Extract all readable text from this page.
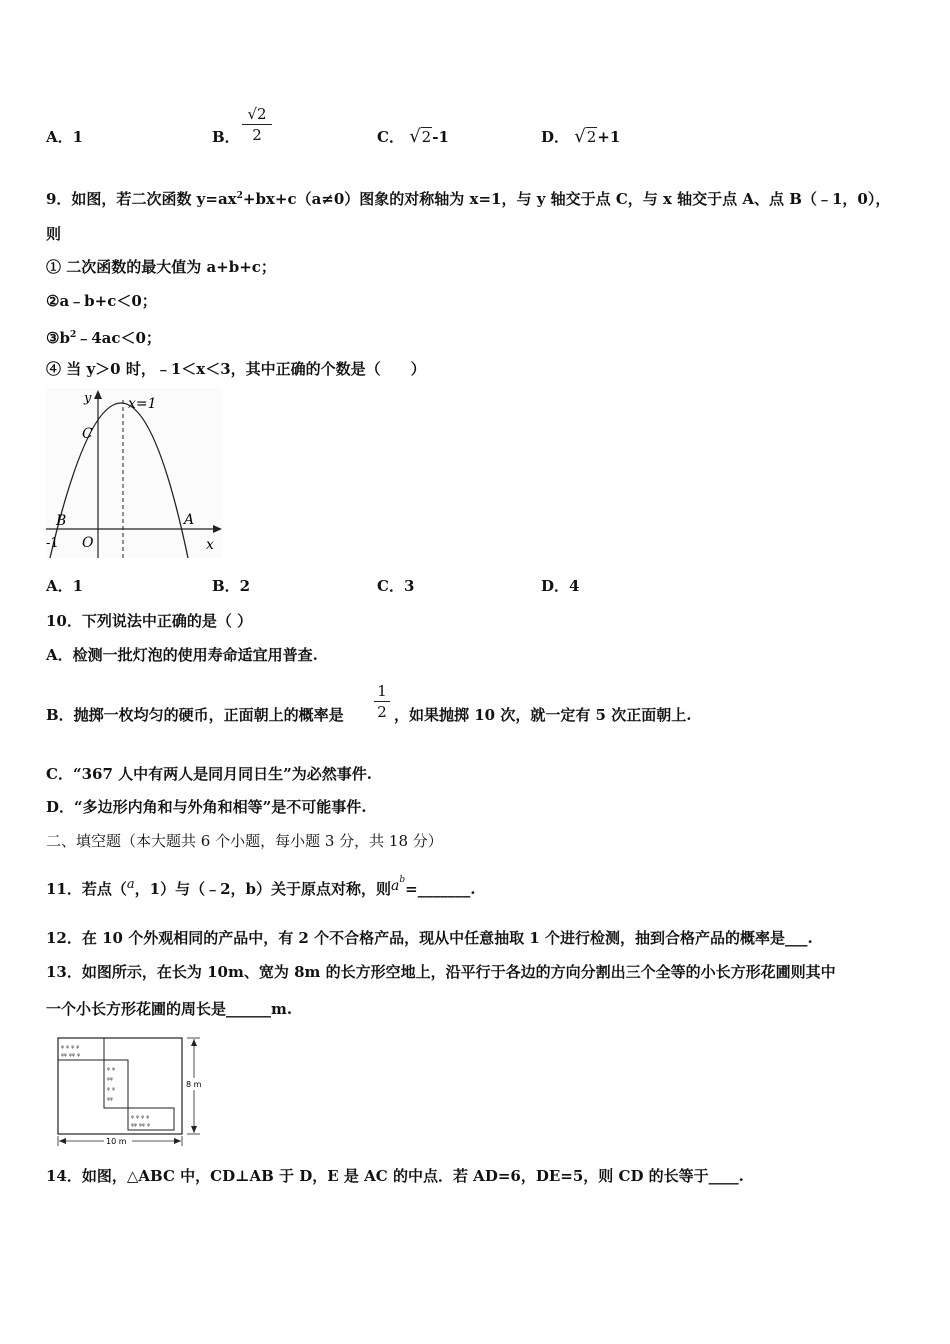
A．1	B．
√2
2	C． √2-1	D． √2+1
9．如图，若二次函数 $y=ax^2+bx+c(a\ne 0)$图象的对称轴为 x=1，与 y 轴交于点 C，与 x 轴交于点 A、点 B（﹣1，0），
则
① 二次函数的最大值为 a+b+c；
②a﹣b+c＜0；
$③b^2﹣4ac<0$；
④ 当 y＞0 时，﹣1＜x＜3，其中正确的个数是（　　）
y	x=1
C
B	A
O
-1	x
A．1	B．2	C．3	D．4
10．下列说法中正确的是（ ）
A．检测一批灯泡的使用寿命适宜用普查.
B．抛掷一枚均匀的硬币，正面朝上的概率是
1
2 ，如果抛掷 10 次，就一定有 5 次正面朝上.
C．“367 人中有两人是同月同日生”为必然事件.
D．“多边形内角和与外角和相等”是不可能事件.
二、填空题（本大题共 6 个小题，每小题 3 分，共 18 分）
11．若点（a，1）与（﹣2，b）关于原点对称，则$a^b=\_\_\_\_\_\_\_$.
12．在 10 个外观相同的产品中，有 2 个不合格产品，现从中任意抽取 1 个进行检测，抽到合格产品的概率是___.
13．如图所示，在长为 10m、宽为 8m 的长方形空地上，沿平行于各边的方向分割出三个全等的小长方形花圃则其中
一个小长方形花圃的周长是______m.
ᵩ ᵩ ᵩ ᵩ
ᵩᵩ ᵩᵩ ᵩ
ᵩ ᵩ
ᵩᵩ
ᵩ ᵩ
ᵩᵩ
ᵩ ᵩ ᵩ ᵩ
ᵩᵩ ᵩᵩ ᵩ
8 m
10 m
14．如图，△ABC 中，CD⊥AB 于 D，E 是 AC 的中点．若 AD=6，DE=5，则 CD 的长等于____.
